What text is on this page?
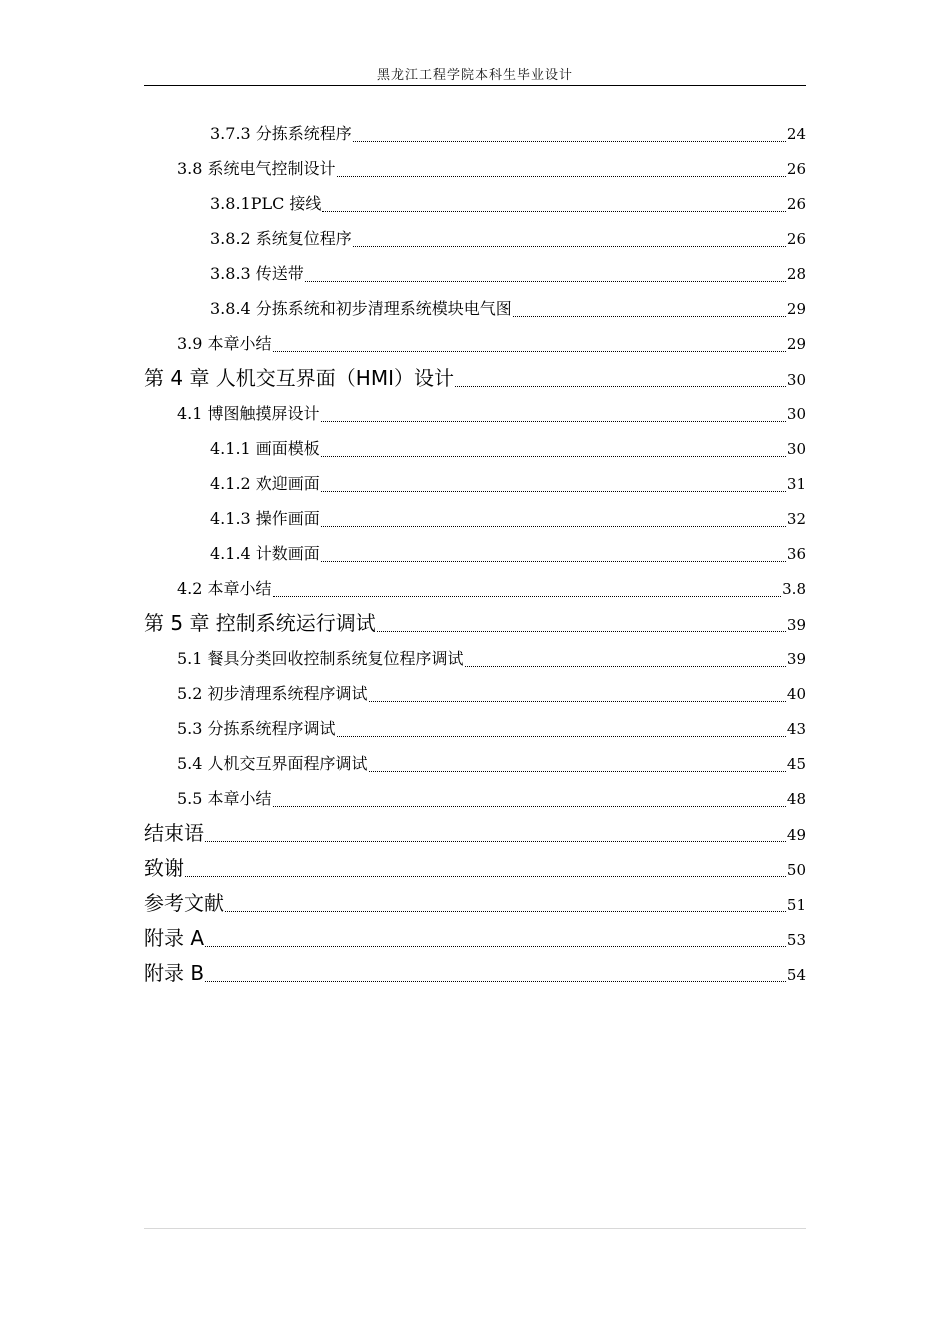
黑龙江工程学院本科生毕业设计
3.7.3 分拣系统程序	24
3.8 系统电气控制设计	26
3.8.1PLC 接线	26
3.8.2 系统复位程序	26
3.8.3 传送带	28
3.8.4 分拣系统和初步清理系统模块电气图	29
3.9 本章小结	29
第 4 章 人机交互界面（HMI）设计	30
4.1 博图触摸屏设计	30
4.1.1 画面模板	30
4.1.2 欢迎画面	31
4.1.3 操作画面	32
4.1.4 计数画面	36
4.2 本章小结	3.8
第 5 章 控制系统运行调试	39
5.1 餐具分类回收控制系统复位程序调试	39
5.2 初步清理系统程序调试	40
5.3 分拣系统程序调试	43
5.4 人机交互界面程序调试	45
5.5 本章小结	48
结束语	49
致谢	50
参考文献	51
附录 A	53
附录 B	54
